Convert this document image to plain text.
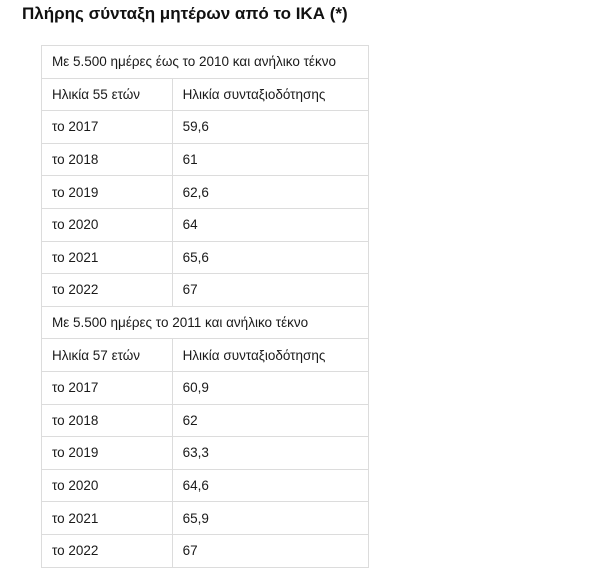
Πλήρης σύνταξη μητέρων από το ΙΚΑ (*)
Με 5.500 ημέρες έως το 2010 και ανήλικο τέκνο	
Ηλικία 55 ετών	Ηλικία συνταξιοδότησης
το 2017	59,6
το 2018	61
το 2019	62,6
το 2020	64
το 2021	65,6
το 2022	67
Με 5.500 ημέρες το 2011 και ανήλικο τέκνο	
Ηλικία 57 ετών	Ηλικία συνταξιοδότησης
το 2017	60,9
το 2018	62
το 2019	63,3
το 2020	64,6
το 2021	65,9
το 2022	67
